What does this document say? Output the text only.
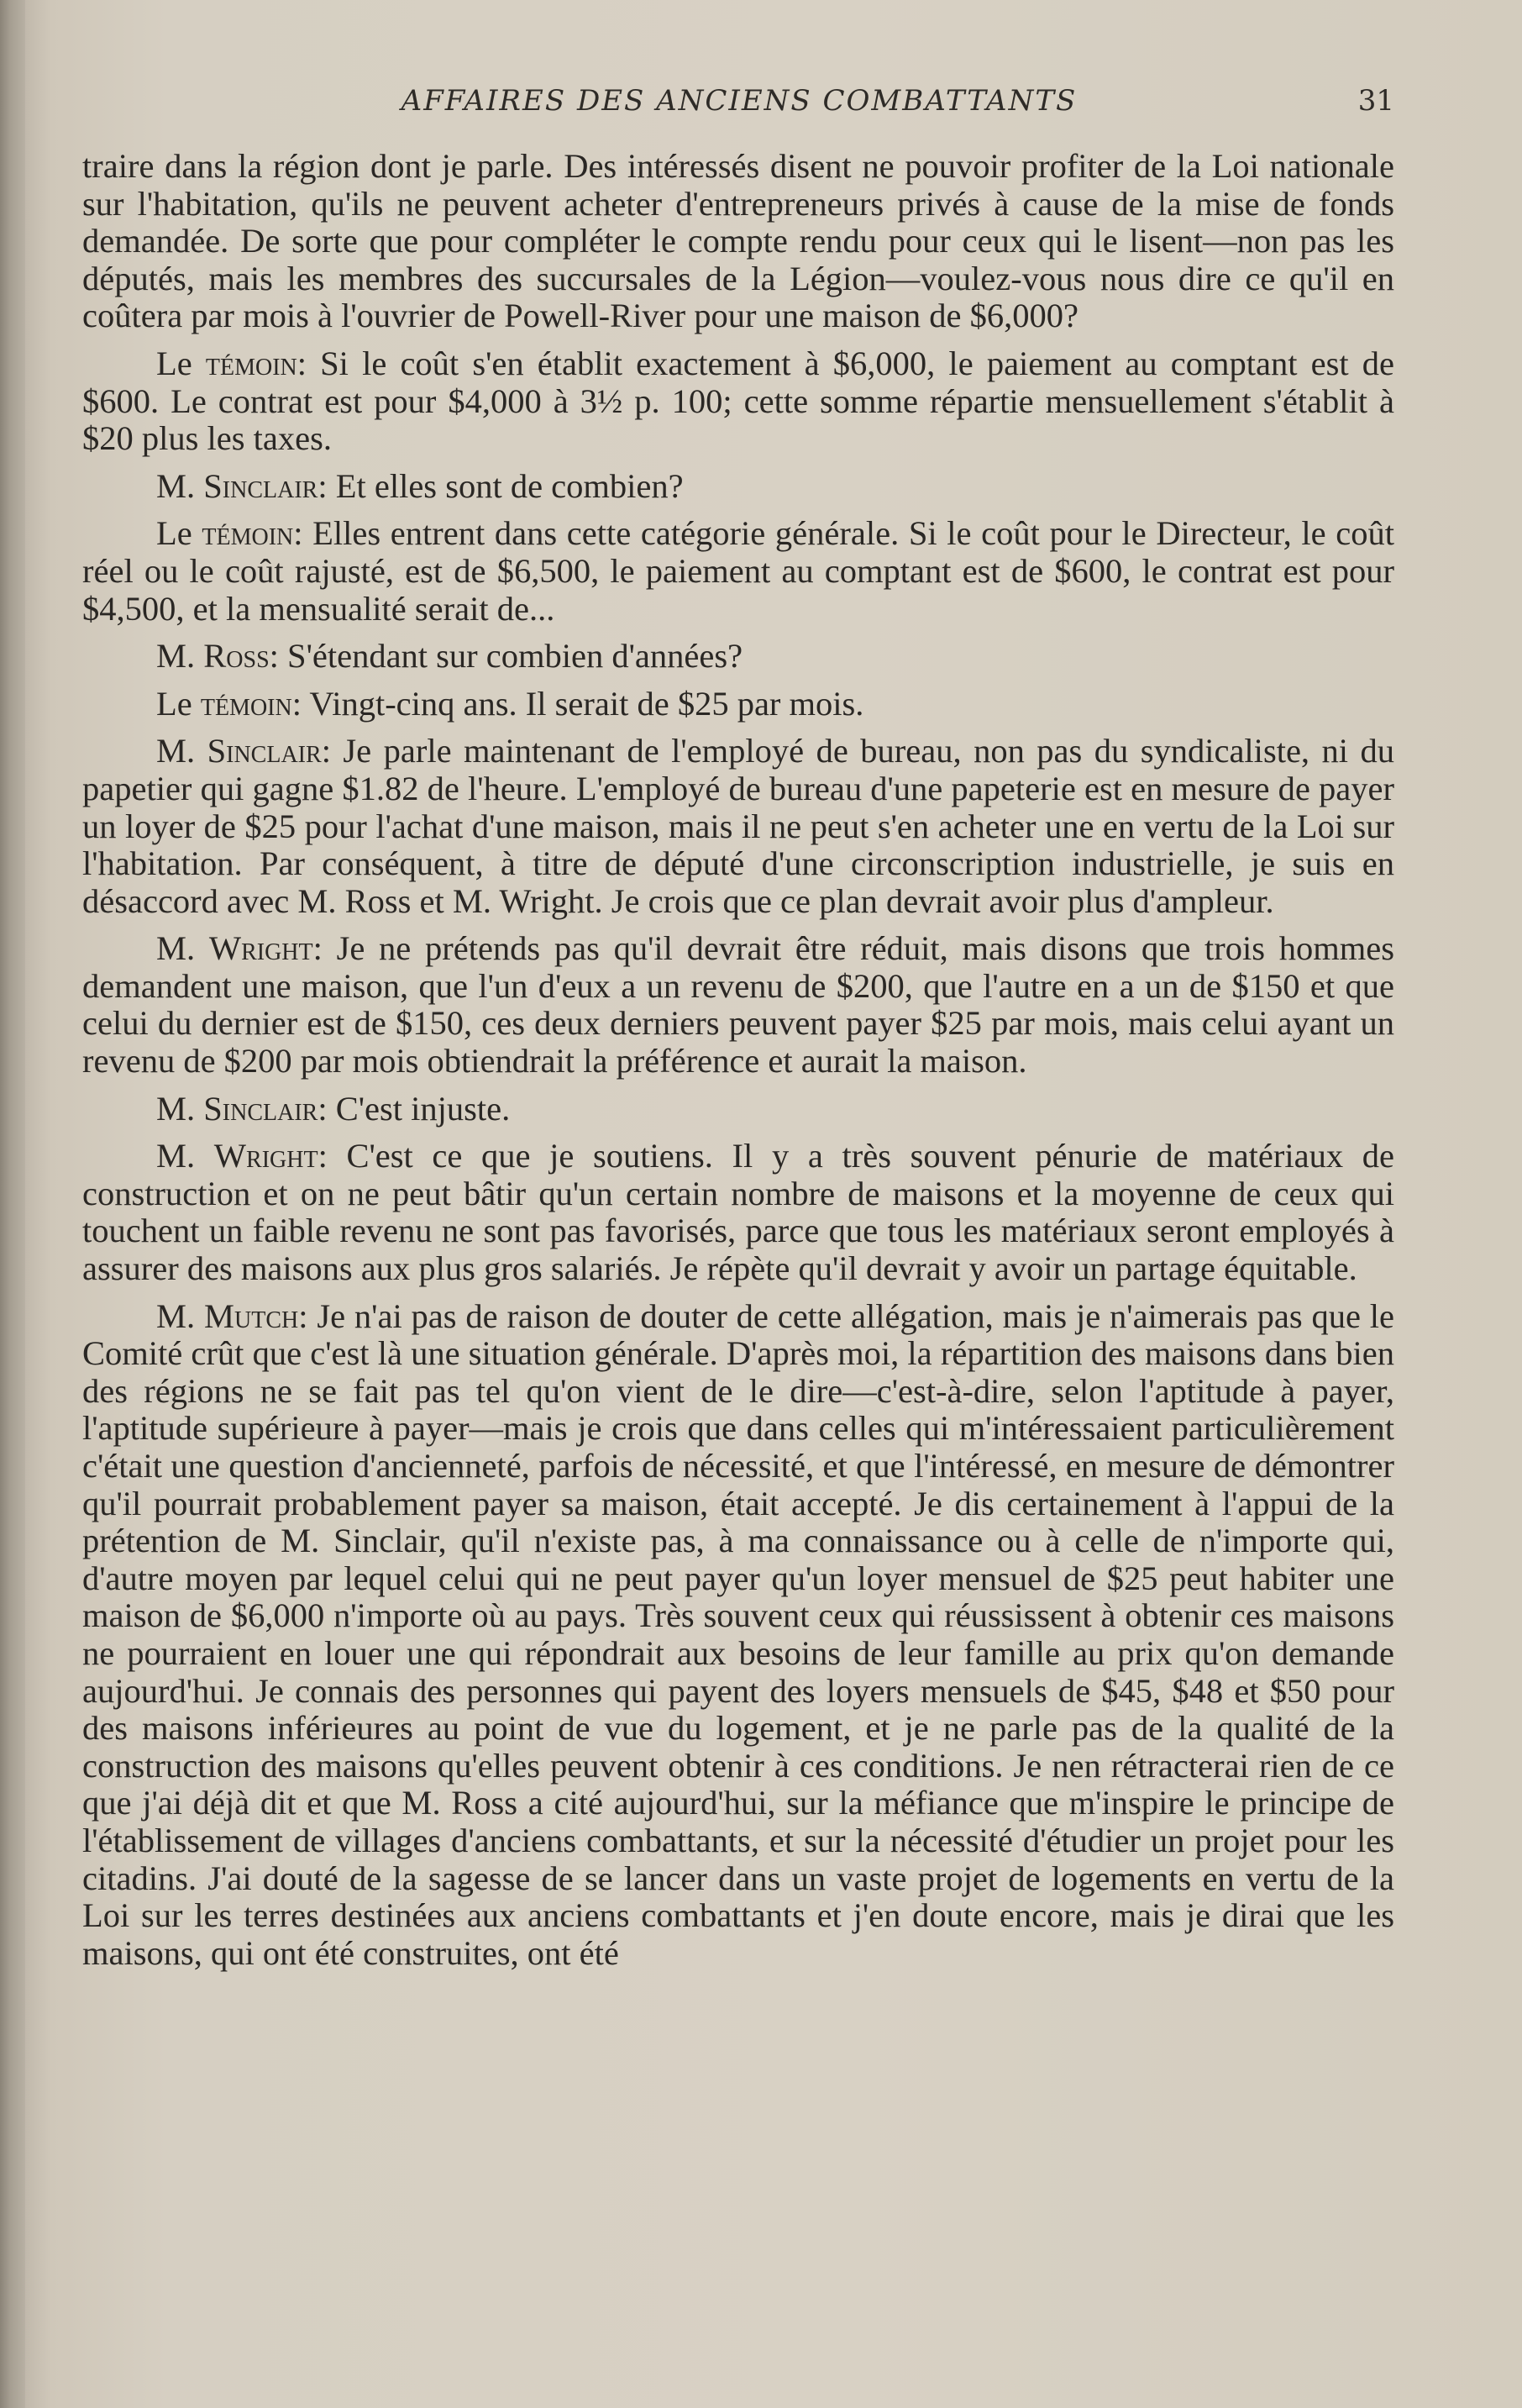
AFFAIRES DES ANCIENS COMBATTANTS	31

traire dans la région dont je parle. Des intéressés disent ne pouvoir profiter de la Loi nationale sur l'habitation, qu'ils ne peuvent acheter d'entrepreneurs privés à cause de la mise de fonds demandée. De sorte que pour compléter le compte rendu pour ceux qui le lisent—non pas les députés, mais les membres des succursales de la Légion—voulez-vous nous dire ce qu'il en coûtera par mois à l'ouvrier de Powell-River pour une maison de $6,000?

Le témoin: Si le coût s'en établit exactement à $6,000, le paiement au comptant est de $600. Le contrat est pour $4,000 à 3½ p. 100; cette somme répartie mensuellement s'établit à $20 plus les taxes.

M. Sinclair: Et elles sont de combien?

Le témoin: Elles entrent dans cette catégorie générale. Si le coût pour le Directeur, le coût réel ou le coût rajusté, est de $6,500, le paiement au comptant est de $600, le contrat est pour $4,500, et la mensualité serait de...

M. Ross: S'étendant sur combien d'années?

Le témoin: Vingt-cinq ans. Il serait de $25 par mois.

M. Sinclair: Je parle maintenant de l'employé de bureau, non pas du syndicaliste, ni du papetier qui gagne $1.82 de l'heure. L'employé de bureau d'une papeterie est en mesure de payer un loyer de $25 pour l'achat d'une maison, mais il ne peut s'en acheter une en vertu de la Loi sur l'habitation. Par conséquent, à titre de député d'une circonscription industrielle, je suis en désaccord avec M. Ross et M. Wright. Je crois que ce plan devrait avoir plus d'ampleur.

M. Wright: Je ne prétends pas qu'il devrait être réduit, mais disons que trois hommes demandent une maison, que l'un d'eux a un revenu de $200, que l'autre en a un de $150 et que celui du dernier est de $150, ces deux derniers peuvent payer $25 par mois, mais celui ayant un revenu de $200 par mois obtiendrait la préférence et aurait la maison.

M. Sinclair: C'est injuste.

M. Wright: C'est ce que je soutiens. Il y a très souvent pénurie de matériaux de construction et on ne peut bâtir qu'un certain nombre de maisons et la moyenne de ceux qui touchent un faible revenu ne sont pas favorisés, parce que tous les matériaux seront employés à assurer des maisons aux plus gros salariés. Je répète qu'il devrait y avoir un partage équitable.

M. Mutch: Je n'ai pas de raison de douter de cette allégation, mais je n'aimerais pas que le Comité crût que c'est là une situation générale. D'après moi, la répartition des maisons dans bien des régions ne se fait pas tel qu'on vient de le dire—c'est-à-dire, selon l'aptitude à payer, l'aptitude supérieure à payer—mais je crois que dans celles qui m'intéressaient particulièrement c'était une question d'ancienneté, parfois de nécessité, et que l'intéressé, en mesure de démontrer qu'il pourrait probablement payer sa maison, était accepté. Je dis certainement à l'appui de la prétention de M. Sinclair, qu'il n'existe pas, à ma connaissance ou à celle de n'importe qui, d'autre moyen par lequel celui qui ne peut payer qu'un loyer mensuel de $25 peut habiter une maison de $6,000 n'importe où au pays. Très souvent ceux qui réussissent à obtenir ces maisons ne pourraient en louer une qui répondrait aux besoins de leur famille au prix qu'on demande aujourd'hui. Je connais des personnes qui payent des loyers mensuels de $45, $48 et $50 pour des maisons inférieures au point de vue du logement, et je ne parle pas de la qualité de la construction des maisons qu'elles peuvent obtenir à ces conditions. Je nen rétracterai rien de ce que j'ai déjà dit et que M. Ross a cité aujourd'hui, sur la méfiance que m'inspire le principe de l'établissement de villages d'anciens combattants, et sur la nécessité d'étudier un projet pour les citadins. J'ai douté de la sagesse de se lancer dans un vaste projet de logements en vertu de la Loi sur les terres destinées aux anciens combattants et j'en doute encore, mais je dirai que les maisons, qui ont été construites, ont été
